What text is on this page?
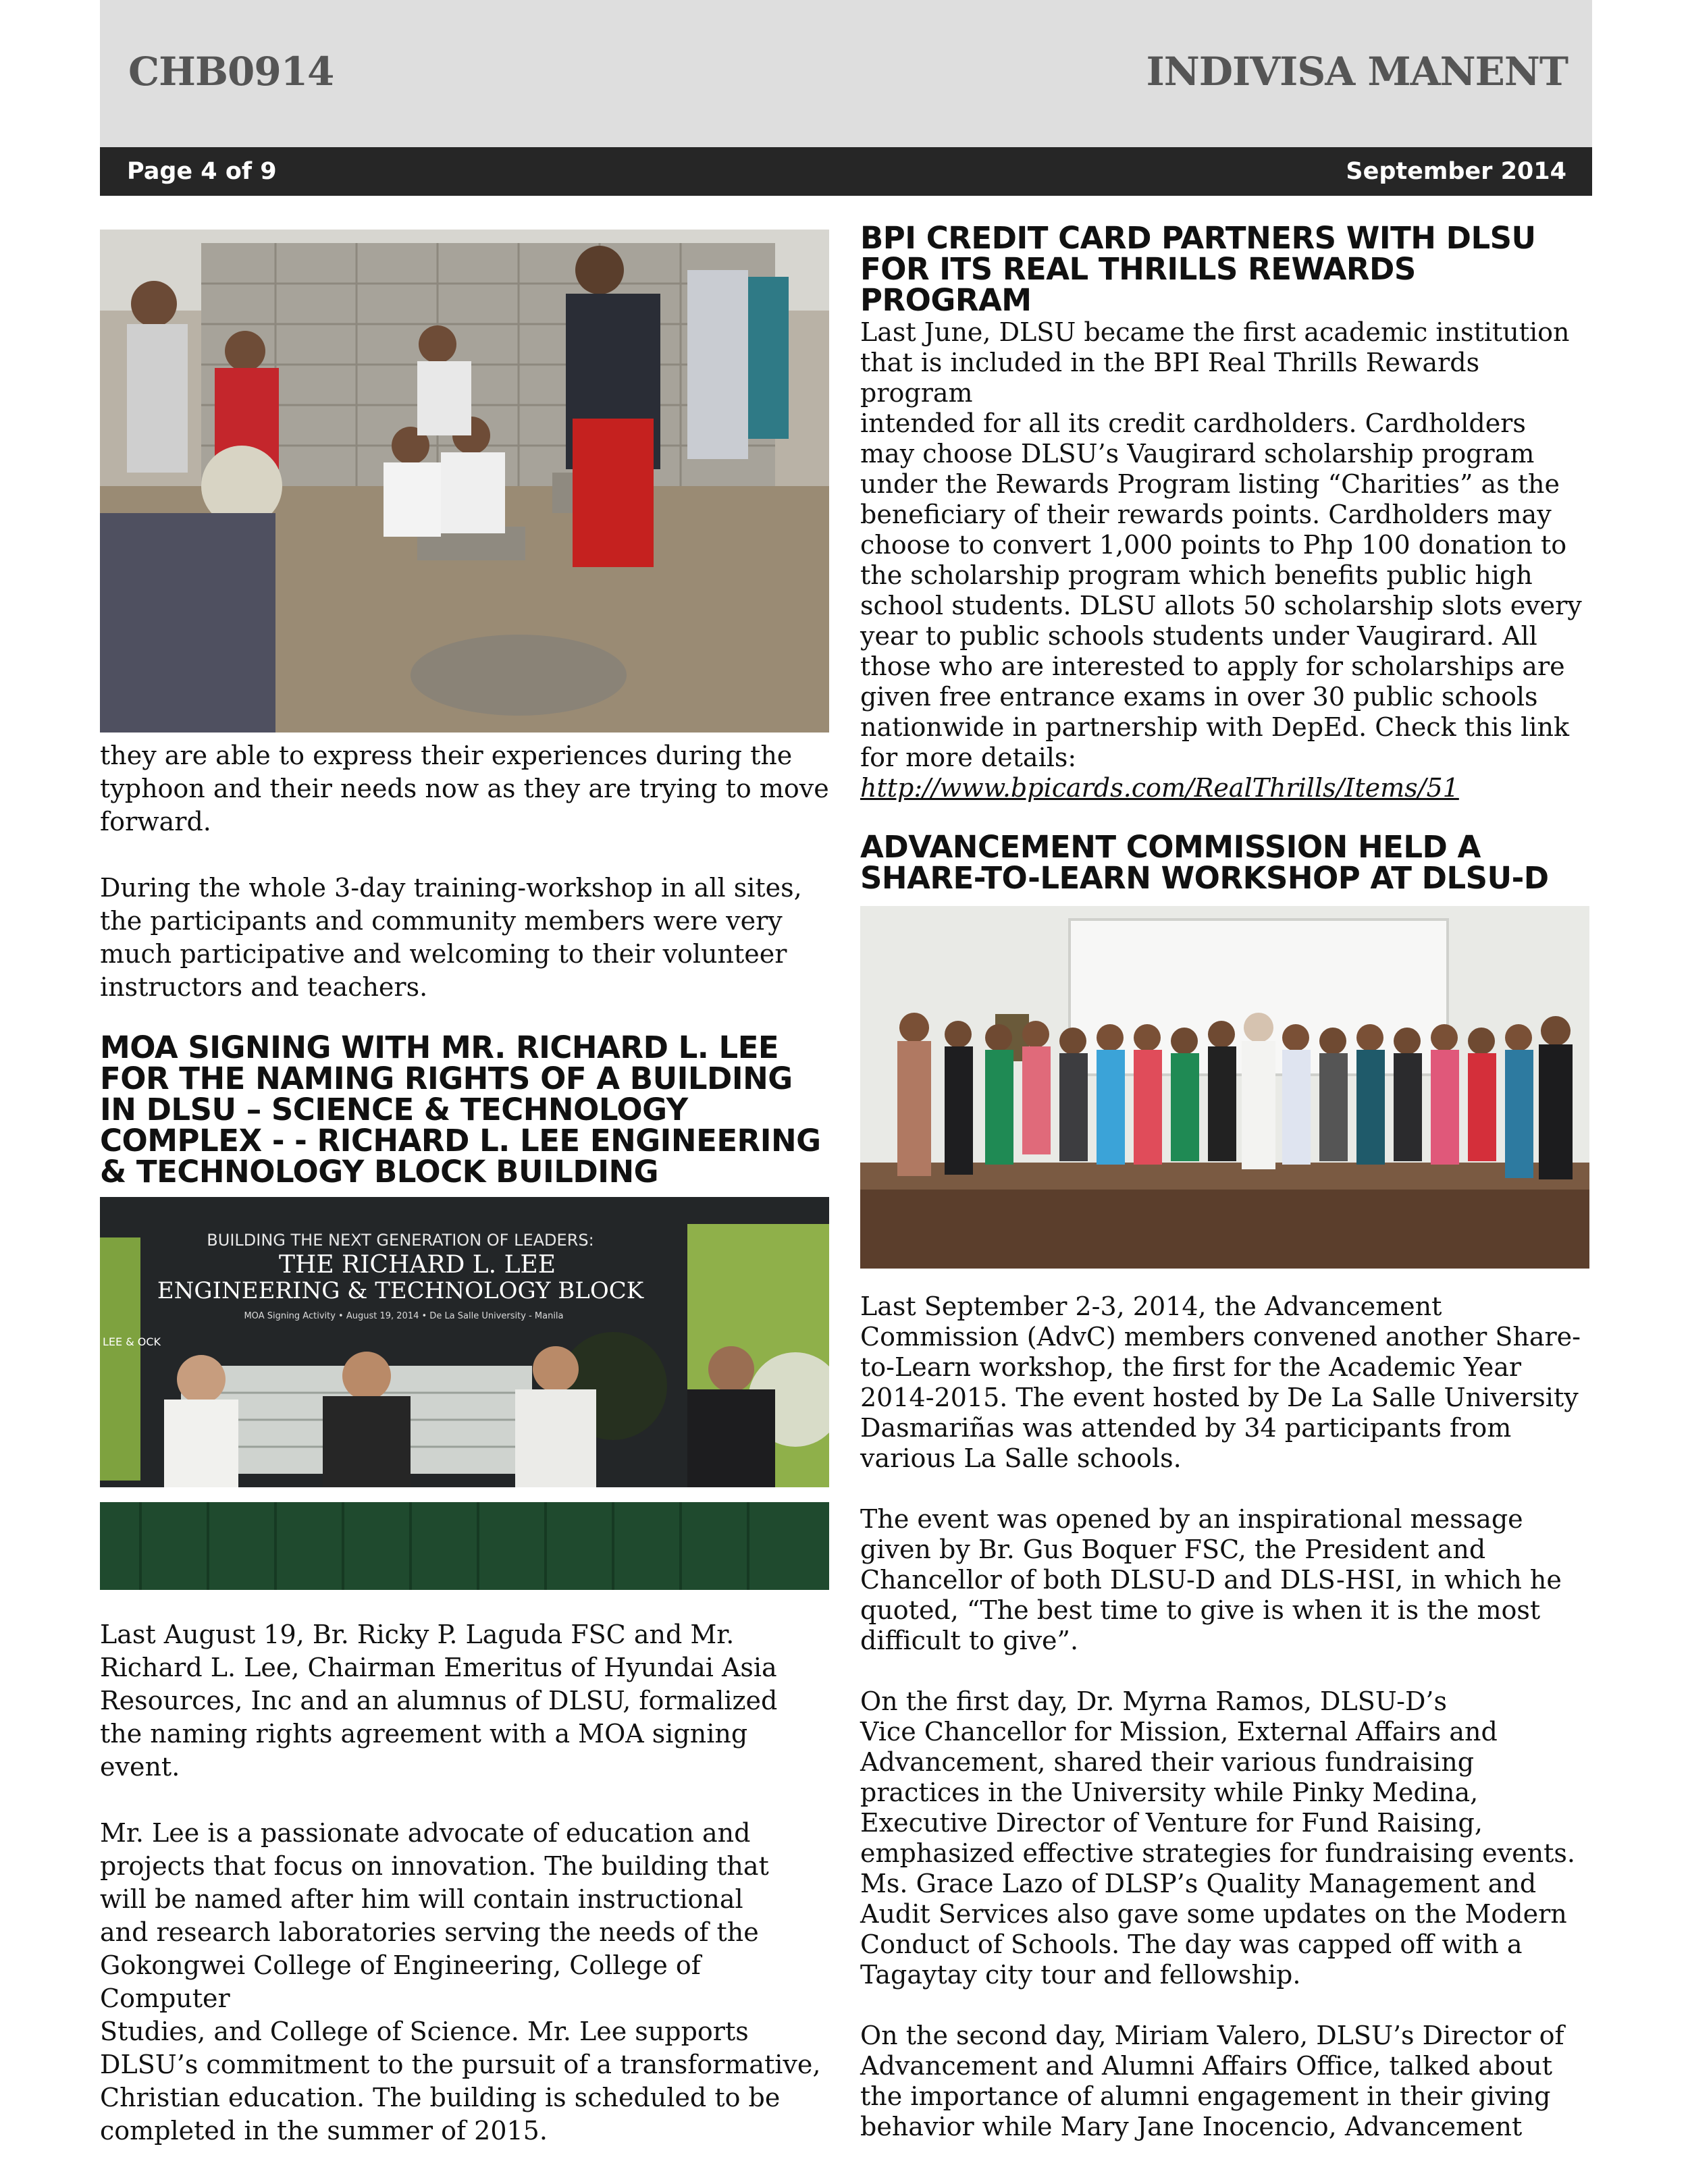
CHB0914	INDIVISA MANENT
Page 4 of 9	September 2014

they are able to express their experiences during the typhoon and their needs now as they are trying to move forward.

During the whole 3-day training-workshop in all sites, the participants and community members were very much participative and welcoming to their volunteer instructors and teachers.

MOA SIGNING WITH MR. RICHARD L. LEE FOR THE NAMING RIGHTS OF A BUILDING IN DLSU – SCIENCE & TECHNOLOGY COMPLEX - - RICHARD L. LEE ENGINEERING & TECHNOLOGY BLOCK BUILDING
BUILDING THE NEXT GENERATION OF LEADERS:
THE RICHARD L. LEE
ENGINEERING & TECHNOLOGY BLOCK
MOA Signing Activity • August 19, 2014 • De La Salle University - Manila
LEE & OCK

Last August 19, Br. Ricky P. Laguda FSC and Mr.
Richard L. Lee, Chairman Emeritus of Hyundai Asia
Resources, Inc and an alumnus of DLSU, formalized
the naming rights agreement with a MOA signing event.

Mr. Lee is a passionate advocate of education and
projects that focus on innovation. The building that
will be named after him will contain instructional
and research laboratories serving the needs of the
Gokongwei College of Engineering, College of Computer
Studies, and College of Science. Mr. Lee supports
DLSU’s commitment to the pursuit of a transformative,
Christian education. The building is scheduled to be
completed in the summer of 2015.

BPI CREDIT CARD PARTNERS WITH DLSU FOR ITS REAL THRILLS REWARDS PROGRAM

Last June, DLSU became the first academic institution
that is included in the BPI Real Thrills Rewards program
intended for all its credit cardholders. Cardholders
may choose DLSU’s Vaugirard scholarship program
under the Rewards Program listing “Charities” as the
beneficiary of their rewards points. Cardholders may
choose to convert 1,000 points to Php 100 donation to
the scholarship program which benefits public high
school students. DLSU allots 50 scholarship slots every
year to public schools students under Vaugirard. All
those who are interested to apply for scholarships are
given free entrance exams in over 30 public schools
nationwide in partnership with DepEd. Check this link
for more details: http://www.bpicards.com/RealThrills/Items/51

ADVANCEMENT COMMISSION HELD A SHARE-TO-LEARN WORKSHOP AT DLSU-D

Last September 2-3, 2014, the Advancement
Commission (AdvC) members convened another Share-
to-Learn workshop, the first for the Academic Year
2014-2015. The event hosted by De La Salle University
Dasmariñas was attended by 34 participants from
various La Salle schools.

The event was opened by an inspirational message
given by Br. Gus Boquer FSC, the President and
Chancellor of both DLSU-D and DLS-HSI, in which he
quoted, “The best time to give is when it is the most
difficult to give”.

On the first day, Dr. Myrna Ramos, DLSU-D’s
Vice Chancellor for Mission, External Affairs and
Advancement, shared their various fundraising
practices in the University while Pinky Medina,
Executive Director of Venture for Fund Raising,
emphasized effective strategies for fundraising events.
Ms. Grace Lazo of DLSP’s Quality Management and
Audit Services also gave some updates on the Modern
Conduct of Schools. The day was capped off with a
Tagaytay city tour and fellowship.

On the second day, Miriam Valero, DLSU’s Director of
Advancement and Alumni Affairs Office, talked about
the importance of alumni engagement in their giving
behavior while Mary Jane Inocencio, Advancement
